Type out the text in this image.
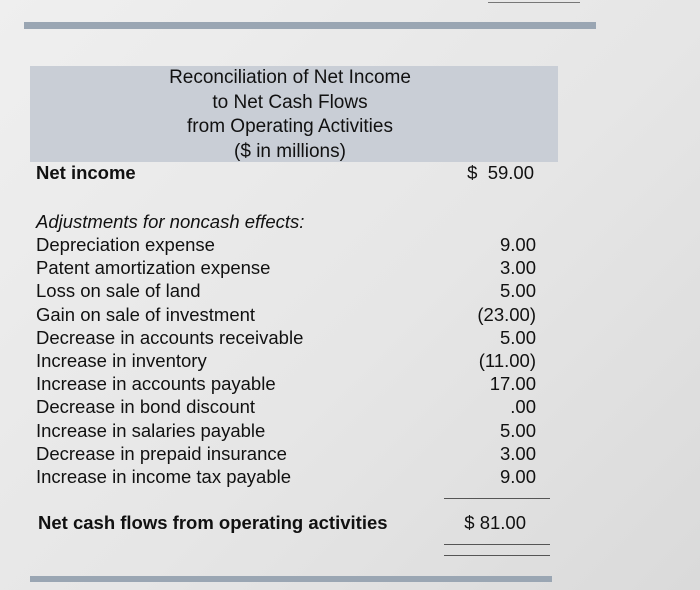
Reconciliation of Net Income
to Net Cash Flows
from Operating Activities
($ in millions)
Net income	$  59.00
Adjustments for noncash effects:
Depreciation expense
Patent amortization expense
Loss on sale of land
Gain on sale of investment
Decrease in accounts receivable
Increase in inventory
Increase in accounts payable
Decrease in bond discount
Increase in salaries payable
Decrease in prepaid insurance
Increase in income tax payable
9.00
3.00
5.00
(23.00)
5.00
(11.00)
17.00
.00
5.00
3.00
9.00
Net cash flows from operating activities	$ 81.00
